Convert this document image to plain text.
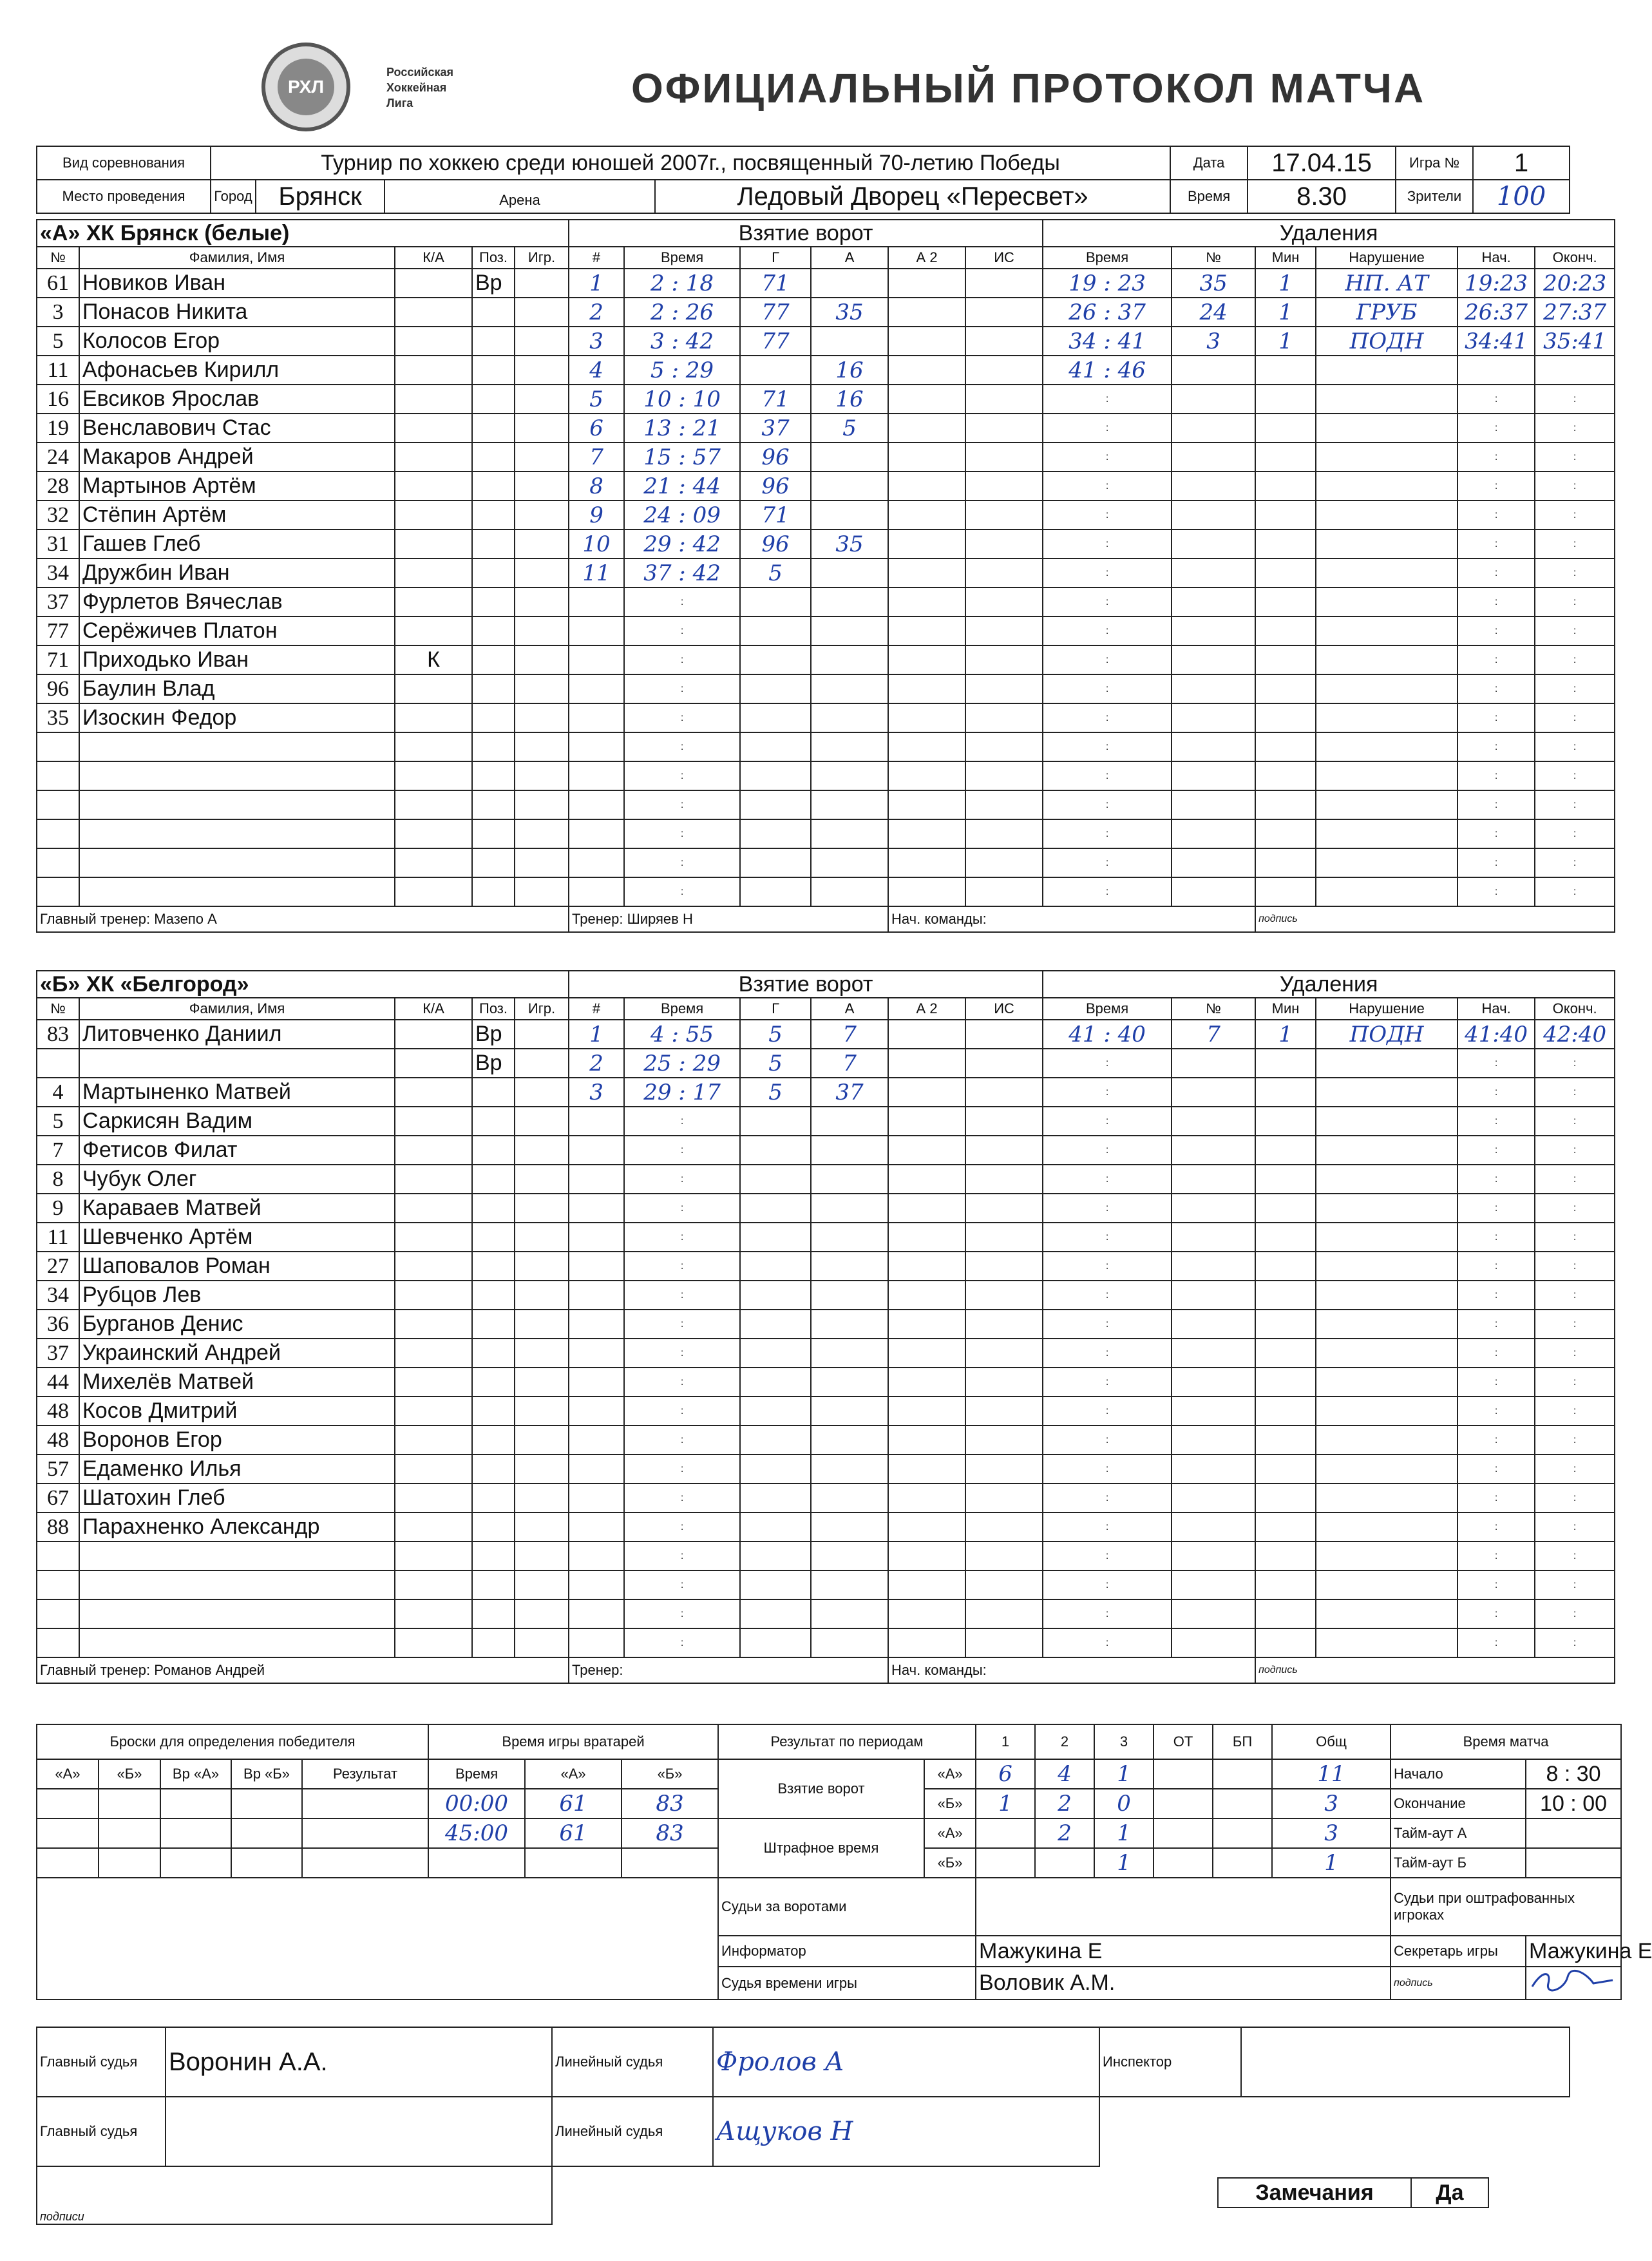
РХЛ
Российская
Хоккейная
Лига	ОФИЦИАЛЬНЫЙ ПРОТОКОЛ МАТЧА
Вид соревнования	Турнир по хоккею среди юношей 2007г., посвященный 70-летию Победы				Дата	17.04.15	Игра №	1
Место проведения	Город	Брянск	Арена	Ледовый Дворец «Пересвет»	Время	8.30	Зрители	100
«А» ХК Брянск (белые)					Взятие ворот						Удаления					
№	Фамилия, Имя	К/А	Поз.	Игр.	#	Время	Г	А	А 2	ИС	Время	№	Мин	Нарушение	Нач.	Оконч.
61	Новиков Иван		Вр		1	2 : 18	71				19 : 23	35	1	НП. АТ	19:23	20:23
3	Понасов Никита				2	2 : 26	77	35			26 : 37	24	1	ГРУБ	26:37	27:37
5	Колосов Егор				3	3 : 42	77				34 : 41	3	1	ПОДН	34:41	35:41
11	Афонасьев Кирилл				4	5 : 29		16			41 : 46					
16	Евсиков Ярослав				5	10 : 10	71	16			:				:	:
19	Венславович Стас				6	13 : 21	37	5			:				:	:
24	Макаров Андрей				7	15 : 57	96				:				:	:
28	Мартынов Артём				8	21 : 44	96				:				:	:
32	Стёпин Артём				9	24 : 09	71				:				:	:
31	Гашев Глеб				10	29 : 42	96	35			:				:	:
34	Дружбин Иван				11	37 : 42	5				:				:	:
37	Фурлетов Вячеслав					:					:				:	:
77	Серёжичев Платон					:					:				:	:
71	Приходько Иван	К				:					:				:	:
96	Баулин Влад					:					:				:	:
35	Изоскин Федор					:					:				:	:
						:					:				:	:
						:					:				:	:
						:					:				:	:
						:					:				:	:
						:					:				:	:
						:					:				:	:
Главный тренер: Мазепо А					Тренер: Ширяев Н				Нач. команды:				подпись			
«Б» ХК «Белгород»					Взятие ворот						Удаления					
№	Фамилия, Имя	К/А	Поз.	Игр.	#	Время	Г	А	А 2	ИС	Время	№	Мин	Нарушение	Нач.	Оконч.
83	Литовченко Даниил		Вр		1	4 : 55	5	7			41 : 40	7	1	ПОДН	41:40	42:40
			Вр		2	25 : 29	5	7			:				:	:
4	Мартыненко Матвей				3	29 : 17	5	37			:				:	:
5	Саркисян Вадим					:					:				:	:
7	Фетисов Филат					:					:				:	:
8	Чубук Олег					:					:				:	:
9	Караваев Матвей					:					:				:	:
11	Шевченко Артём					:					:				:	:
27	Шаповалов Роман					:					:				:	:
34	Рубцов Лев					:					:				:	:
36	Бурганов Денис					:					:				:	:
37	Украинский Андрей					:					:				:	:
44	Михелёв Матвей					:					:				:	:
48	Косов Дмитрий					:					:				:	:
48	Воронов Егор					:					:				:	:
57	Едаменко Илья					:					:				:	:
67	Шатохин Глеб					:					:				:	:
88	Парахненко Александр					:					:				:	:
						:					:				:	:
						:					:				:	:
						:					:				:	:
						:					:				:	:
Главный тренер: Романов Андрей					Тренер:				Нач. команды:				подпись			
Броски для определения победителя					Время игры вратарей			Результат по периодам		1	2	3	ОТ	БП	Общ	Время матча	
«А»	«Б»	Вр «А»	Вр «Б»	Результат	Время	«А»	«Б»	Взятие ворот	«А»	6	4	1			11	Начало	8 : 30
					00:00	61	83		«Б»	1	2	0			3	Окончание	10 : 00
					45:00	61	83	Штрафное время	«А»		2	1			3	Тайм-аут А	
									«Б»			1			1	Тайм-аут Б	
								Судьи за воротами								Судьи при оштрафованных игроках	
								Информатор		Мажукина Е						Секретарь игры	Мажукина Е
								Судья времени игры		Воловик А.М.						подпись	
Главный судья	Воронин А.А.	Линейный судья	Фролов А	Инспектор	
Главный судья		Линейный судья	Ащуков Н		
подписи					
Замечания	Да
